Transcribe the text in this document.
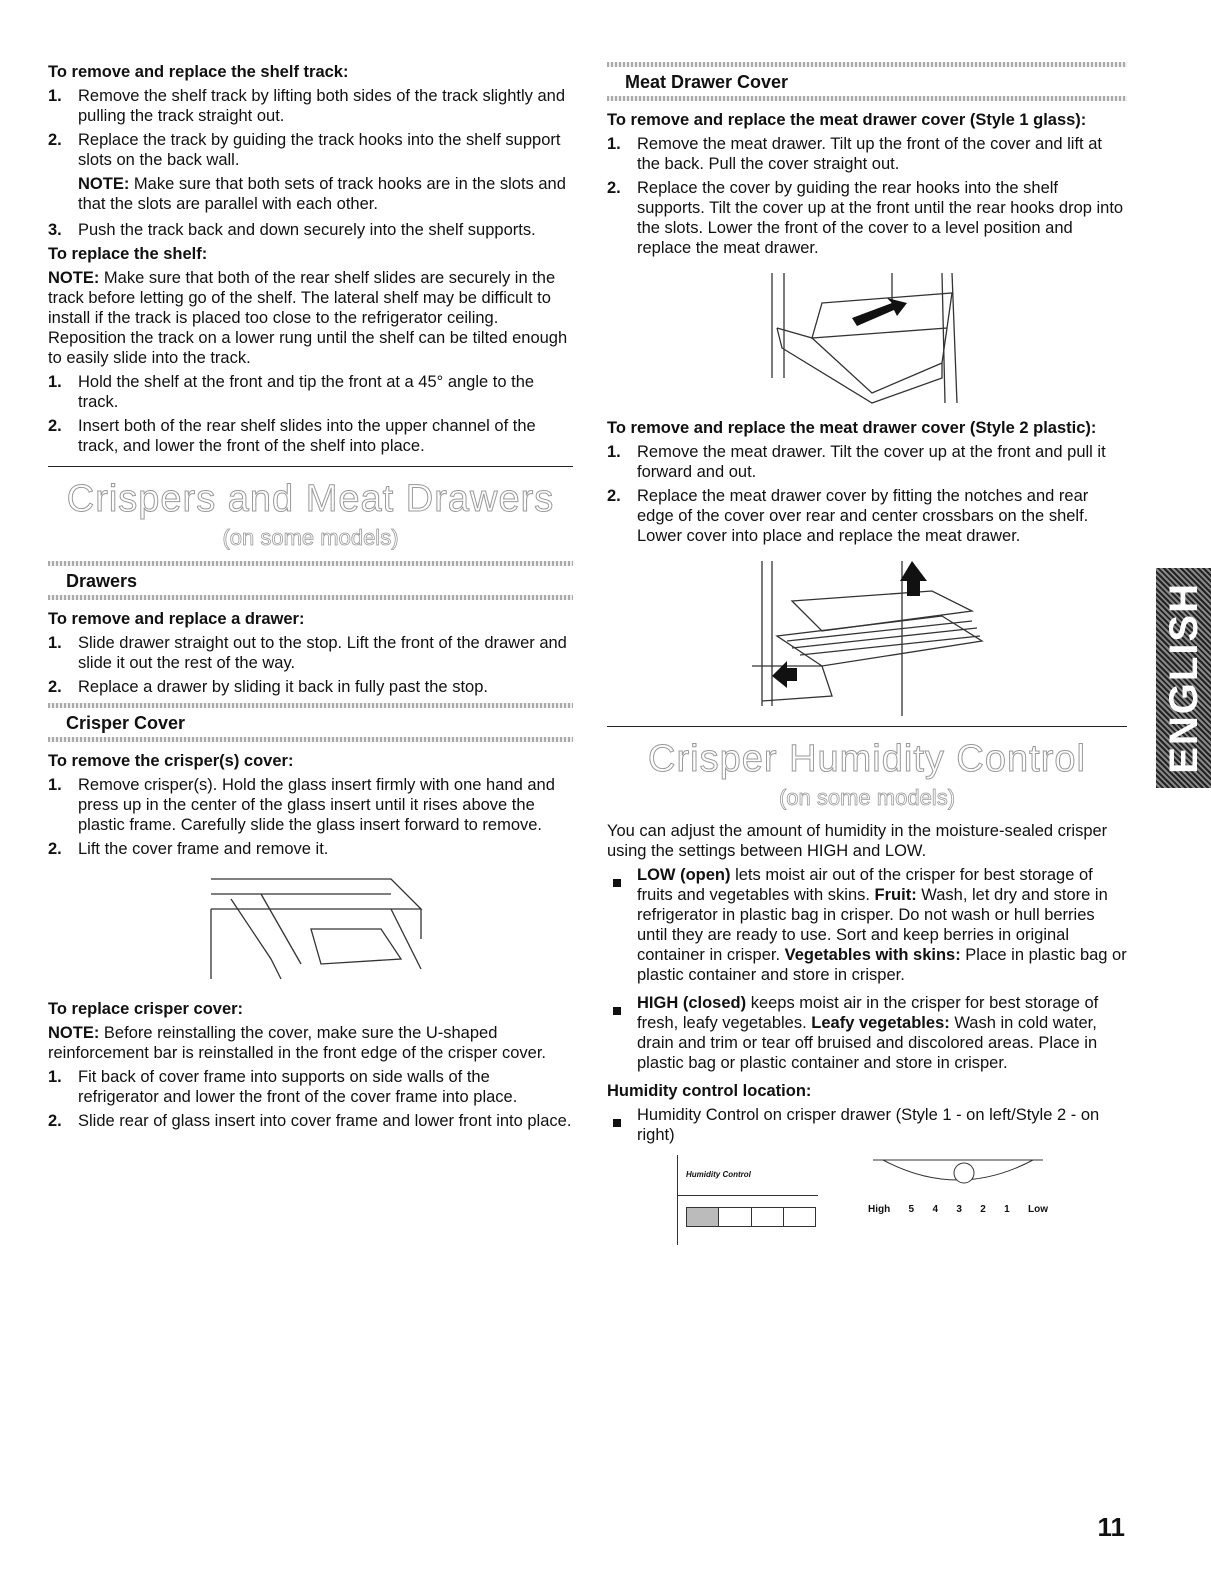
To remove and replace the shelf track:
1. Remove the shelf track by lifting both sides of the track slightly and pulling the track straight out.
2. Replace the track by guiding the track hooks into the shelf support slots on the back wall.

NOTE: Make sure that both sets of track hooks are in the slots and that the slots are parallel with each other.

3. Push the track back and down securely into the shelf supports.
To replace the shelf:

NOTE: Make sure that both of the rear shelf slides are securely in the track before letting go of the shelf. The lateral shelf may be difficult to install if the track is placed too close to the refrigerator ceiling. Reposition the track on a lower rung until the shelf can be tilted enough to easily slide into the track.

1. Hold the shelf at the front and tip the front at a 45° angle to the track.
2. Insert both of the rear shelf slides into the upper channel of the track, and lower the front of the shelf into place.
Crispers and Meat Drawers
(on some models)
Drawers
To remove and replace a drawer:
1. Slide drawer straight out to the stop. Lift the front of the drawer and slide it out the rest of the way.
2. Replace a drawer by sliding it back in fully past the stop.
Crisper Cover
To remove the crisper(s) cover:
1. Remove crisper(s). Hold the glass insert firmly with one hand and press up in the center of the glass insert until it rises above the plastic frame. Carefully slide the glass insert forward to remove.
2. Lift the cover frame and remove it.
To replace crisper cover:

NOTE: Before reinstalling the cover, make sure the U-shaped reinforcement bar is reinstalled in the front edge of the crisper cover.

1. Fit back of cover frame into supports on side walls of the refrigerator and lower the front of the cover frame into place.
2. Slide rear of glass insert into cover frame and lower front into place.
Meat Drawer Cover
To remove and replace the meat drawer cover (Style 1 glass):
1. Remove the meat drawer. Tilt up the front of the cover and lift at the back. Pull the cover straight out.
2. Replace the cover by guiding the rear hooks into the shelf supports. Tilt the cover up at the front until the rear hooks drop into the slots. Lower the front of the cover to a level position and replace the meat drawer.
To remove and replace the meat drawer cover (Style 2 plastic):
1. Remove the meat drawer. Tilt the cover up at the front and pull it forward and out.
2. Replace the meat drawer cover by fitting the notches and rear edge of the cover over rear and center crossbars on the shelf. Lower cover into place and replace the meat drawer.
Crisper Humidity Control
(on some models)

You can adjust the amount of humidity in the moisture-sealed crisper using the settings between HIGH and LOW.

LOW (open) lets moist air out of the crisper for best storage of fruits and vegetables with skins. Fruit: Wash, let dry and store in refrigerator in plastic bag in crisper. Do not wash or hull berries until they are ready to use. Sort and keep berries in original container in crisper. Vegetables with skins: Place in plastic bag or plastic container and store in crisper.
HIGH (closed) keeps moist air in the crisper for best storage of fresh, leafy vegetables. Leafy vegetables: Wash in cold water, drain and trim or tear off bruised and discolored areas. Place in plastic bag or plastic container and store in crisper.
Humidity control location:
Humidity Control on crisper drawer (Style 1 - on left/Style 2 - on right)
Humidity Control
High 5 4 3 2 1 Low
ENGLISH
11
